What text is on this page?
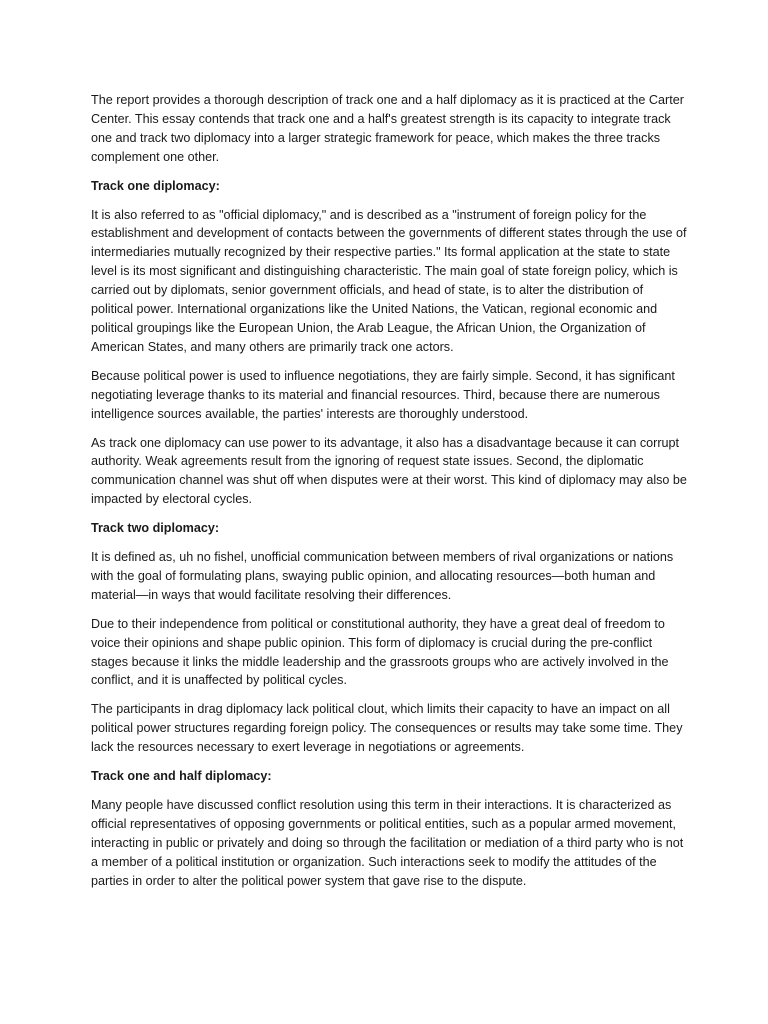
The report provides a thorough description of track one and a half diplomacy as it is practiced at the Carter Center. This essay contends that track one and a half's greatest strength is its capacity to integrate track one and track two diplomacy into a larger strategic framework for peace, which makes the three tracks complement one other.

Track one diplomacy:

It is also referred to as "official diplomacy," and is described as a "instrument of foreign policy for the establishment and development of contacts between the governments of different states through the use of intermediaries mutually recognized by their respective parties." Its formal application at the state to state level is its most significant and distinguishing characteristic. The main goal of state foreign policy, which is carried out by diplomats, senior government officials, and head of state, is to alter the distribution of political power. International organizations like the United Nations, the Vatican, regional economic and political groupings like the European Union, the Arab League, the African Union, the Organization of American States, and many others are primarily track one actors.

Because political power is used to influence negotiations, they are fairly simple. Second, it has significant negotiating leverage thanks to its material and financial resources. Third, because there are numerous intelligence sources available, the parties' interests are thoroughly understood.

As track one diplomacy can use power to its advantage, it also has a disadvantage because it can corrupt authority. Weak agreements result from the ignoring of request state issues. Second, the diplomatic communication channel was shut off when disputes were at their worst. This kind of diplomacy may also be impacted by electoral cycles.

Track two diplomacy:

It is defined as, uh no fishel, unofficial communication between members of rival organizations or nations with the goal of formulating plans, swaying public opinion, and allocating resources—both human and material—in ways that would facilitate resolving their differences.

Due to their independence from political or constitutional authority, they have a great deal of freedom to voice their opinions and shape public opinion. This form of diplomacy is crucial during the pre-conflict stages because it links the middle leadership and the grassroots groups who are actively involved in the conflict, and it is unaffected by political cycles.

The participants in drag diplomacy lack political clout, which limits their capacity to have an impact on all political power structures regarding foreign policy. The consequences or results may take some time. They lack the resources necessary to exert leverage in negotiations or agreements.

Track one and half diplomacy:

Many people have discussed conflict resolution using this term in their interactions. It is characterized as official representatives of opposing governments or political entities, such as a popular armed movement, interacting in public or privately and doing so through the facilitation or mediation of a third party who is not a member of a political institution or organization. Such interactions seek to modify the attitudes of the parties in order to alter the political power system that gave rise to the dispute.
